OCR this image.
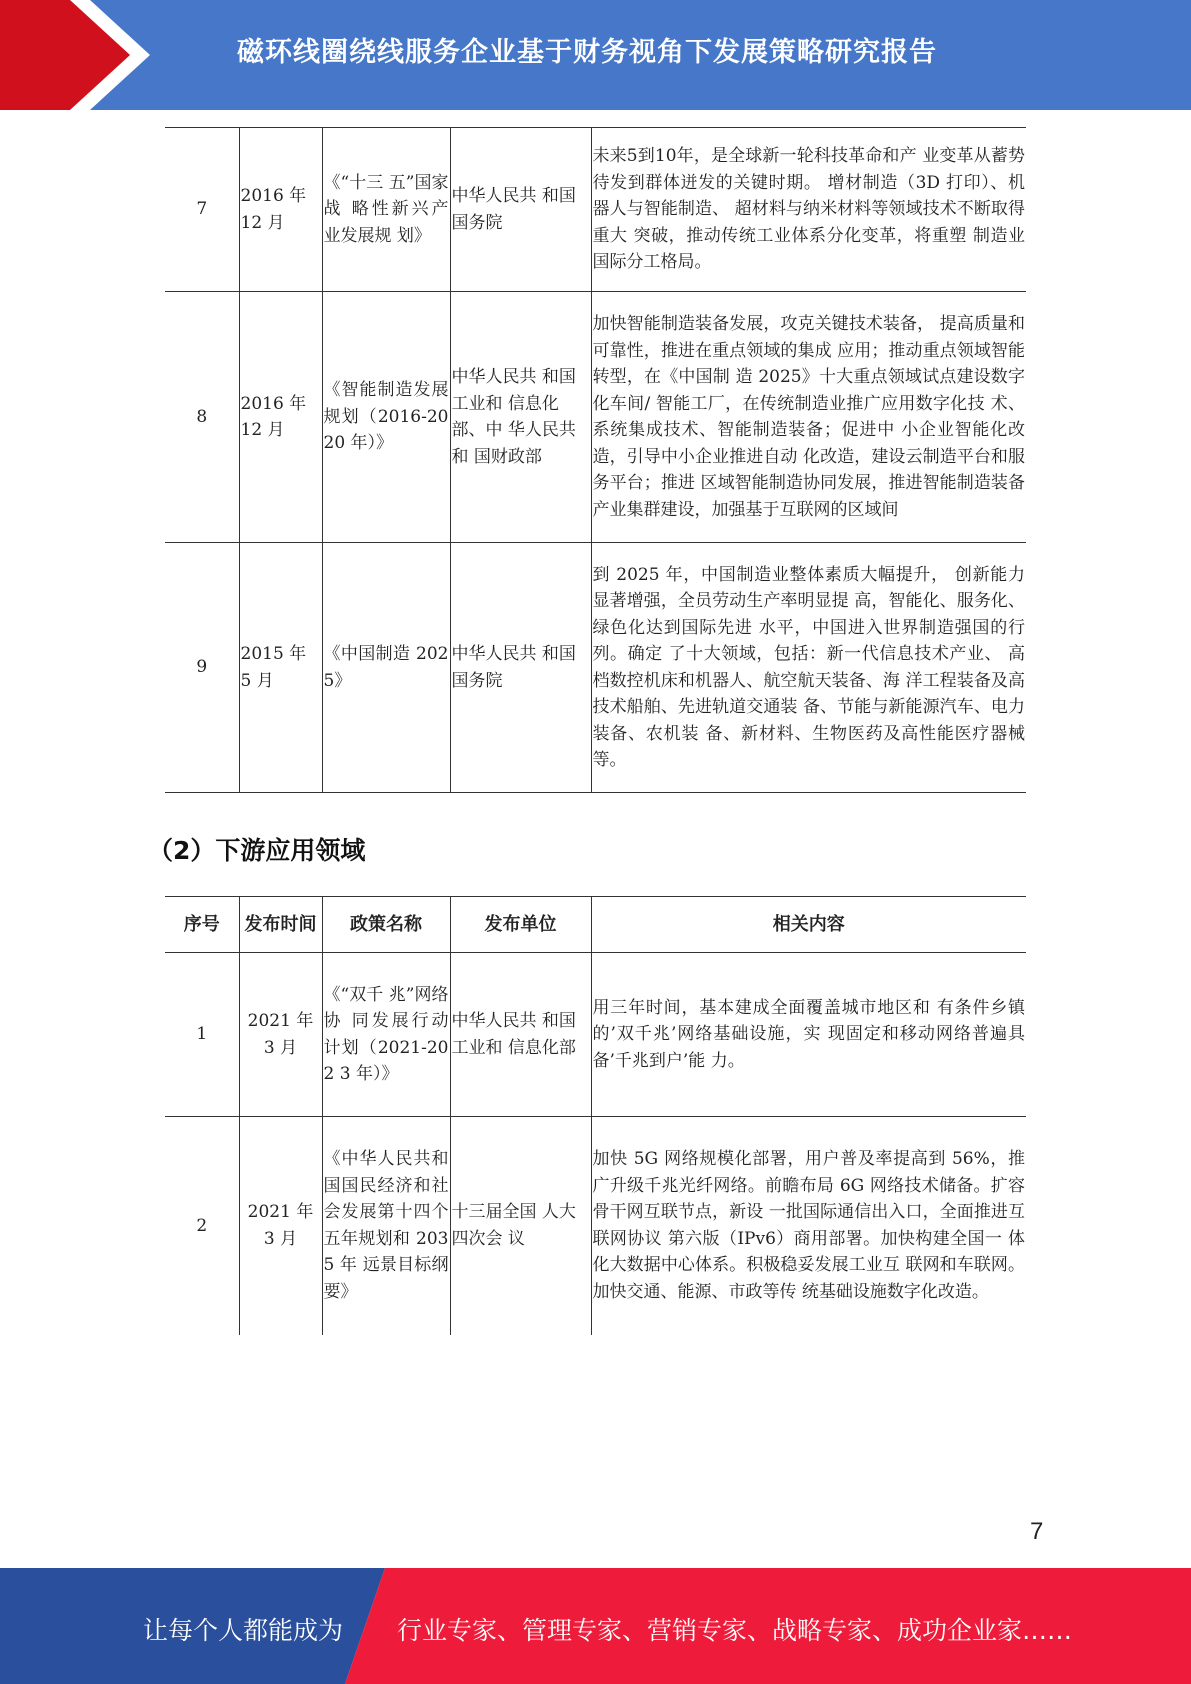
磁环线圈绕线服务企业基于财务视角下发展策略研究报告
7	2016 年 12 月	《“十三 五”国家战 略性新兴产 业发展规 划》	中华人民共 和国国务院	未来5到10年，是全球新一轮科技革命和产 业变革从蓄势待发到群体迸发的关键时期。 增材制造（3D 打印）、机器人与智能制造、 超材料与纳米材料等领域技术不断取得重大 突破，推动传统工业体系分化变革，将重塑 制造业国际分工格局。
8	2016 年 12 月	《智能制造发展规划（2016-2020 年）》	中华人民共 和国工业和 信息化部、中 华人民共和 国财政部	加快智能制造装备发展，攻克关键技术装备， 提高质量和可靠性，推进在重点领域的集成 应用；推动重点领域智能转型，在《中国制 造 2025》十大重点领域试点建设数字化车间/ 智能工厂，在传统制造业推广应用数字化技 术、系统集成技术、智能制造装备；促进中 小企业智能化改造，引导中小企业推进自动 化改造，建设云制造平台和服务平台；推进 区域智能制造协同发展，推进智能制造装备产业集群建设，加强基于互联网的区域间
9	2015 年 5 月	《中国制造 2025》	中华人民共 和国国务院	到 2025 年，中国制造业整体素质大幅提升， 创新能力显著增强，全员劳动生产率明显提 高，智能化、服务化、绿色化达到国际先进 水平，中国进入世界制造强国的行列。确定 了十大领域，包括：新一代信息技术产业、 高档数控机床和机器人、航空航天装备、海 洋工程装备及高技术船舶、先进轨道交通装 备、节能与新能源汽车、电力装备、农机装 备、新材料、生物医药及高性能医疗器械等。
（2）下游应用领域
序号	发布时间	政策名称	发布单位	相关内容
1	2021 年 3 月	《“双千 兆”网络协 同发展行动 计划（2021-202 3 年）》	中华人民共 和国工业和 信息化部	用三年时间，基本建成全面覆盖城市地区和 有条件乡镇的’双千兆’网络基础设施，实 现固定和移动网络普遍具备’千兆到户’能 力。
2	2021 年 3 月	《中华人民共和国国民经济和社会发展第十四个五年规划和 2035 年 远景目标纲 要》	十三届全国 人大四次会 议	加快 5G 网络规模化部署，用户普及率提高到 56%，推广升级千兆光纤网络。前瞻布局 6G 网络技术储备。扩容骨干网互联节点，新设 一批国际通信出入口，全面推进互联网协议 第六版（IPv6）商用部署。加快构建全国一 体化大数据中心体系。积极稳妥发展工业互 联网和车联网。加快交通、能源、市政等传 统基础设施数字化改造。
7
让每个人都能成为 行业专家、管理专家、营销专家、战略专家、成功企业家……
